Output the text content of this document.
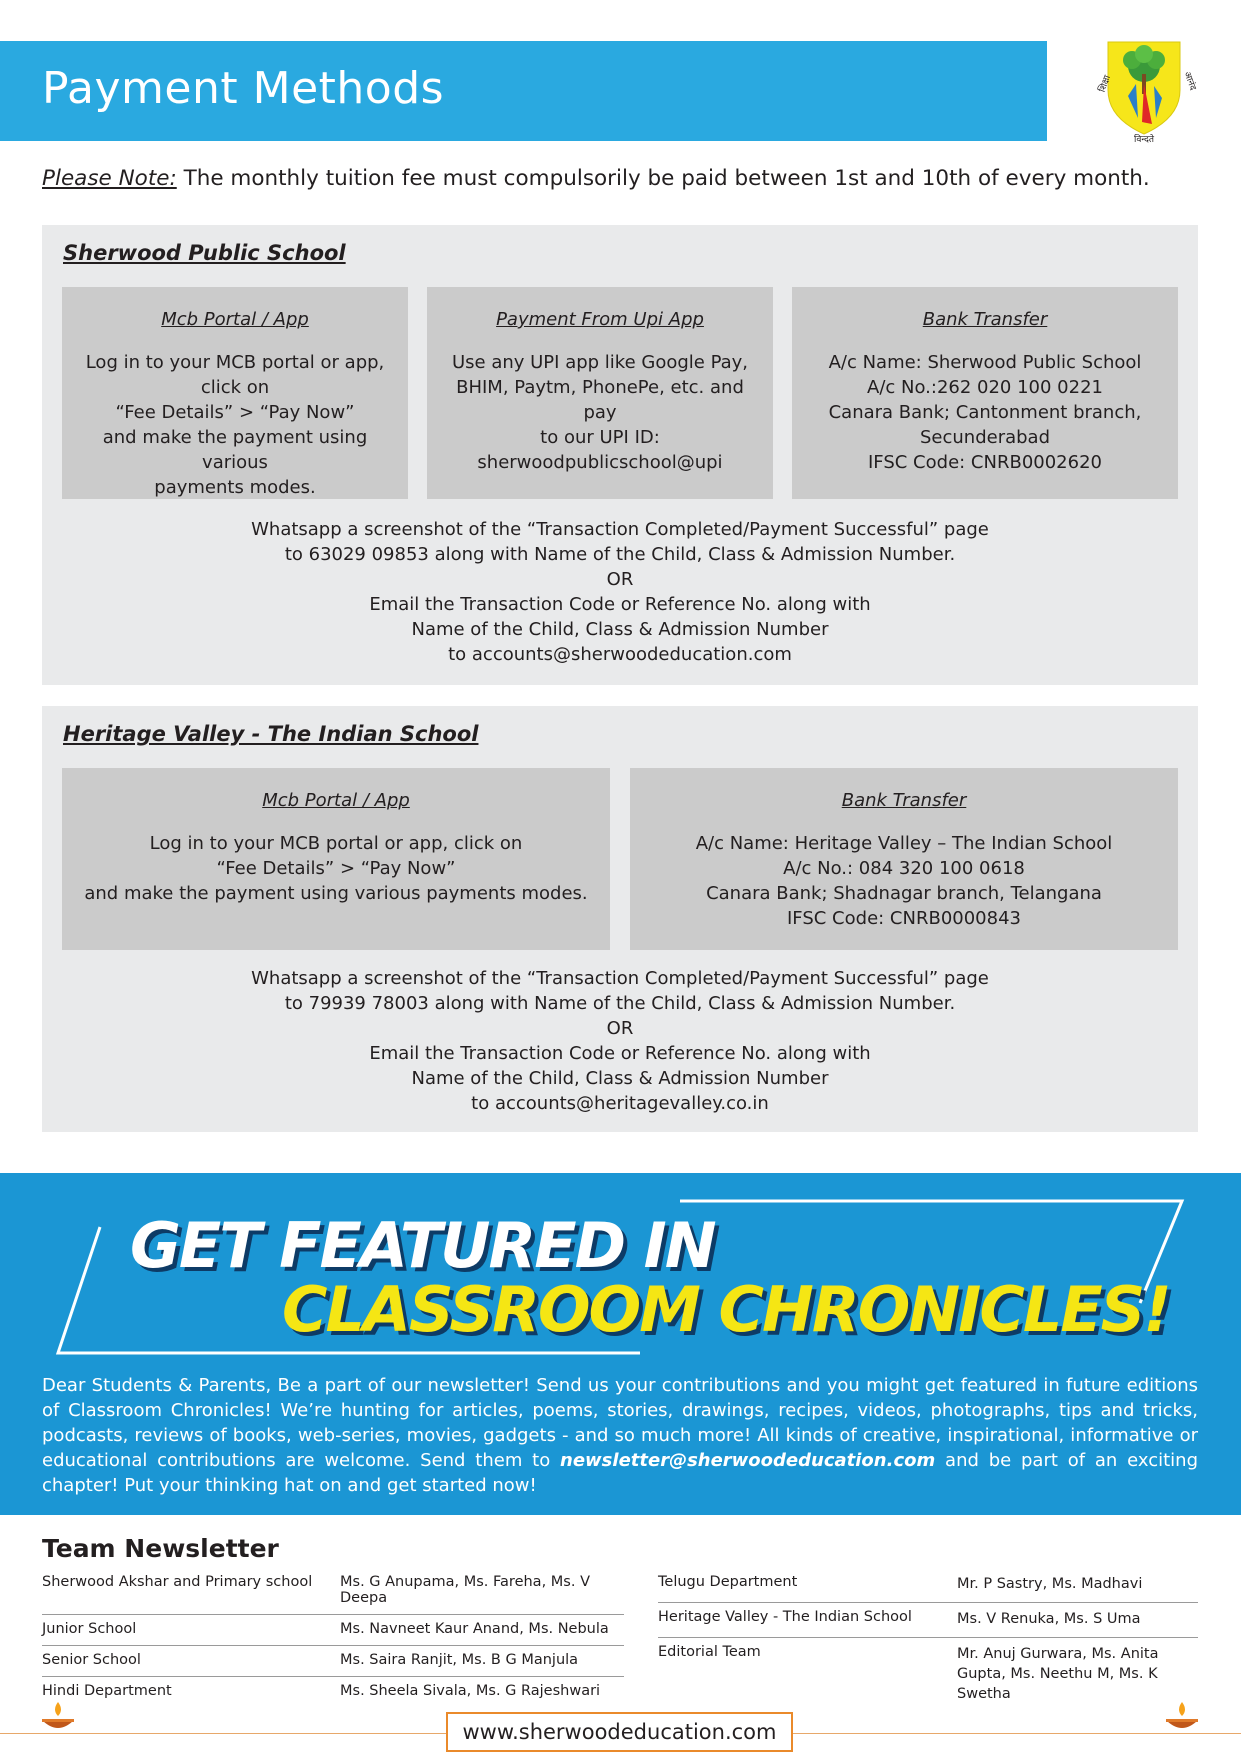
Payment Methods	शिक्षा	आनंद
विन्दते

Please Note: The monthly tuition fee must compulsorily be paid between 1st and 10th of every month.

Sherwood Public School
Mcb Portal / App
Log in to your MCB portal or app,
click on
“Fee Details” > “Pay Now”
and make the payment using various
payments modes.
Payment From Upi App
Use any UPI app like Google Pay,
BHIM, Paytm, PhonePe, etc. and pay
to our UPI ID:
sherwoodpublicschool@upi
Bank Transfer
A/c Name: Sherwood Public School
A/c No.:262 020 100 0221
Canara Bank; Cantonment branch,
Secunderabad
IFSC Code: CNRB0002620
Whatsapp a screenshot of the “Transaction Completed/Payment Successful” page
to 63029 09853 along with Name of the Child, Class & Admission Number.
OR
Email the Transaction Code or Reference No. along with
Name of the Child, Class & Admission Number
to accounts@sherwoodeducation.com
Heritage Valley - The Indian School
Mcb Portal / App
Log in to your MCB portal or app, click on
“Fee Details” > “Pay Now”
and make the payment using various payments modes.
Bank Transfer
A/c Name: Heritage Valley – The Indian School
A/c No.: 084 320 100 0618
Canara Bank; Shadnagar branch, Telangana
IFSC Code: CNRB0000843
Whatsapp a screenshot of the “Transaction Completed/Payment Successful” page
to 79939 78003 along with Name of the Child, Class & Admission Number.
OR
Email the Transaction Code or Reference No. along with
Name of the Child, Class & Admission Number
to accounts@heritagevalley.co.in
GET FEATURED IN
CLASSROOM CHRONICLES!

Dear Students & Parents, Be a part of our newsletter! Send us your contributions and you might get featured in future editions of Classroom Chronicles! We’re hunting for articles, poems, stories, drawings, recipes, videos, photographs, tips and tricks, podcasts, reviews of books, web-series, movies, gadgets - and so much more! All kinds of creative, inspirational, informative or educational contributions are welcome. Send them to newsletter@sherwoodeducation.com and be part of an exciting chapter! Put your thinking hat on and get started now!

Team Newsletter
Sherwood Akshar and Primary school	Ms. G Anupama, Ms. Fareha, Ms. V Deepa
Junior School	Ms. Navneet Kaur Anand, Ms. Nebula
Senior School	Ms. Saira Ranjit, Ms. B G Manjula
Hindi Department	Ms. Sheela Sivala, Ms. G Rajeshwari
Telugu Department	Mr. P Sastry, Ms. Madhavi
Heritage Valley - The Indian School	Ms. V Renuka, Ms. S Uma
Editorial Team	Mr. Anuj Gurwara, Ms. Anita Gupta, Ms. Neethu M, Ms. K Swetha
www.sherwoodeducation.com
